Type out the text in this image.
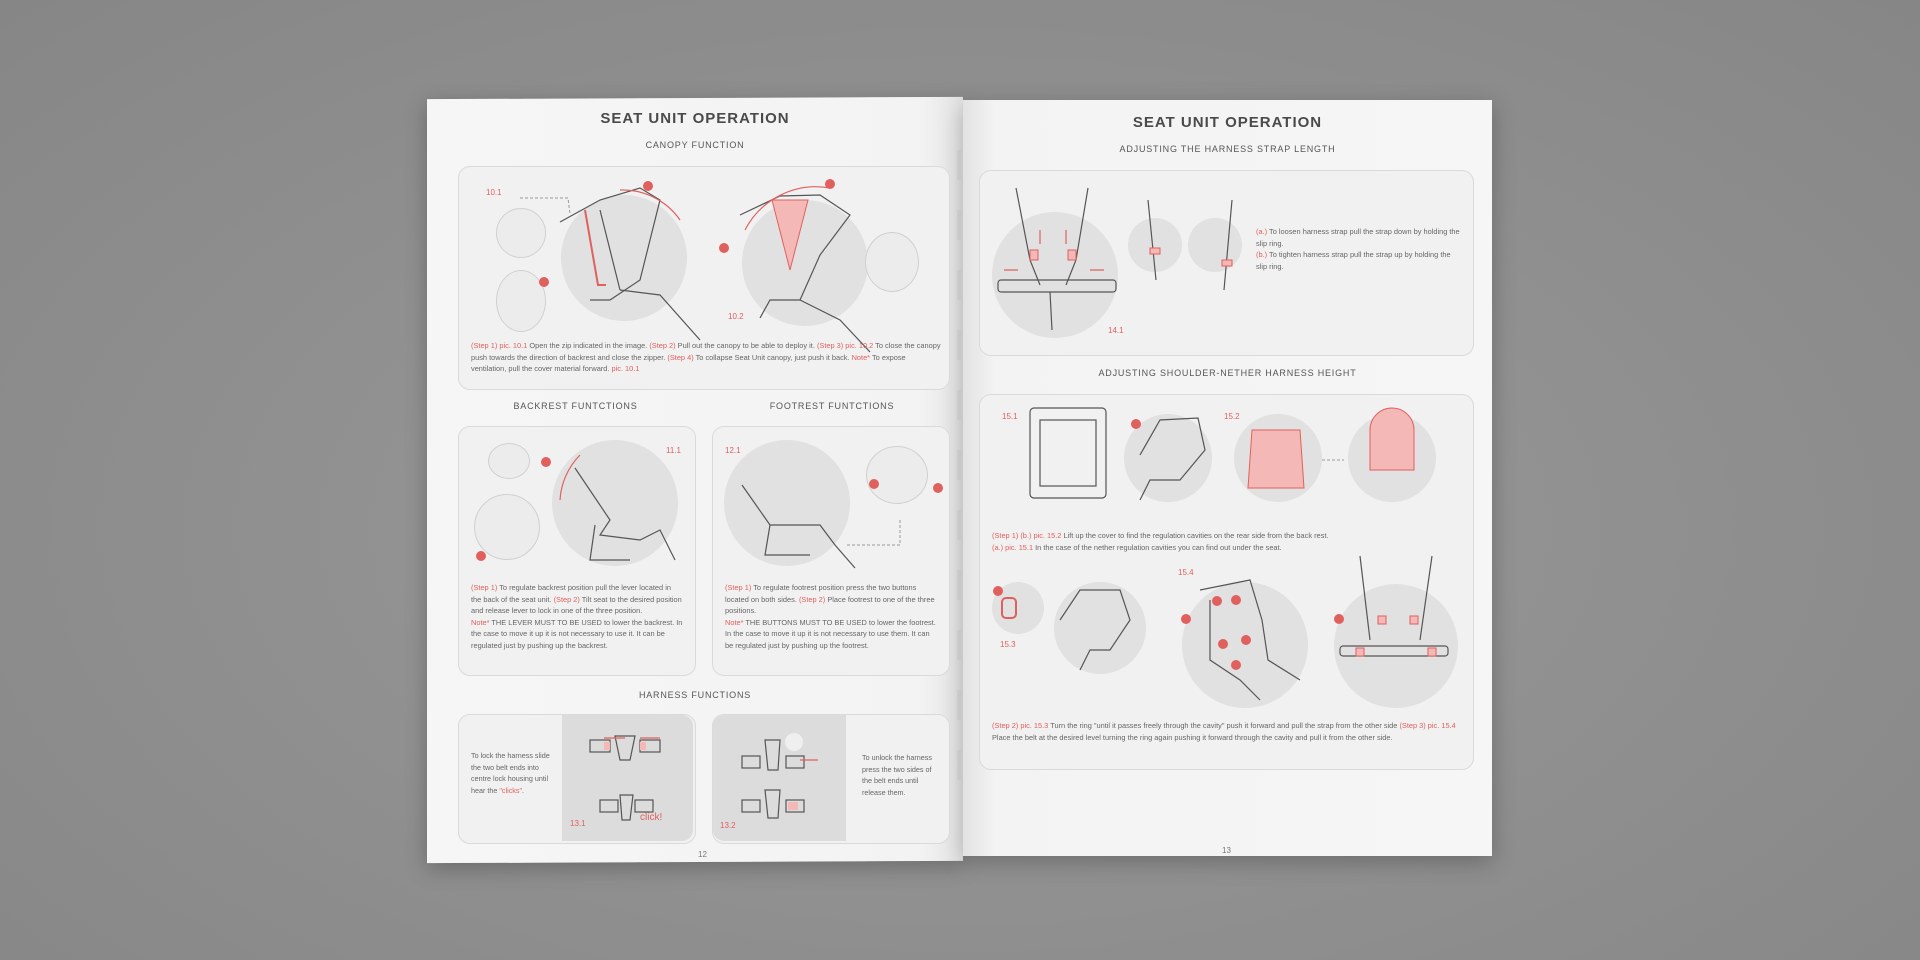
SEAT UNIT OPERATION
CANOPY FUNCTION
10.1
10.2
(Step 1) pic. 10.1 Open the zip indicated in the image. (Step 2) Pull out the canopy to be able to deploy it. (Step 3) pic. 10.2 To close the canopy push towards the direction of backrest and close the zipper. (Step 4) To collapse Seat Unit canopy, just push it back. Note* To expose ventilation, pull the cover material forward. pic. 10.1
BACKREST FUNTCTIONS	FOOTREST FUNTCTIONS
11.1
(Step 1) To regulate backrest position pull the lever located in the back of the seat unit. (Step 2) Tilt seat to the desired position and release lever to lock in one of the three position.
Note* THE LEVER MUST TO BE USED to lower the backrest. In the case to move it up it is not necessary to use it. It can be regulated just by pushing up the backrest.
12.1
(Step 1) To regulate footrest position press the two buttons located on both sides. (Step 2) Place footrest to one of the three positions.
Note* THE BUTTONS MUST TO BE USED to lower the footrest. In the case to move it up it is not necessary to use them. It can be regulated just by pushing up the footrest.
HARNESS FUNCTIONS
To lock the harness slide the two belt ends into centre lock housing until hear the "clicks".
13.1
click!
13.2
To unlock the harness press the two sides of the belt ends until release them.
12
SEAT UNIT OPERATION
ADJUSTING THE HARNESS STRAP LENGTH
14.1
(a.) To loosen harness strap pull the strap down by holding the slip ring.
(b.) To tighten harness strap pull the strap up by holding the slip ring.
ADJUSTING SHOULDER-NETHER HARNESS HEIGHT
15.1	15.2
(Step 1) (b.) pic. 15.2 Lift up the cover to find the regulation cavities on the rear side from the back rest.
(a.) pic. 15.1 In the case of the nether regulation cavities you can find out under the seat.
15.3
15.4
(Step 2) pic. 15.3 Turn the ring "until it passes freely through the cavity" push it forward and pull the strap from the other side (Step 3) pic. 15.4 Place the belt at the desired level turning the ring again pushing it forward through the cavity and pull it from the other side.
13
